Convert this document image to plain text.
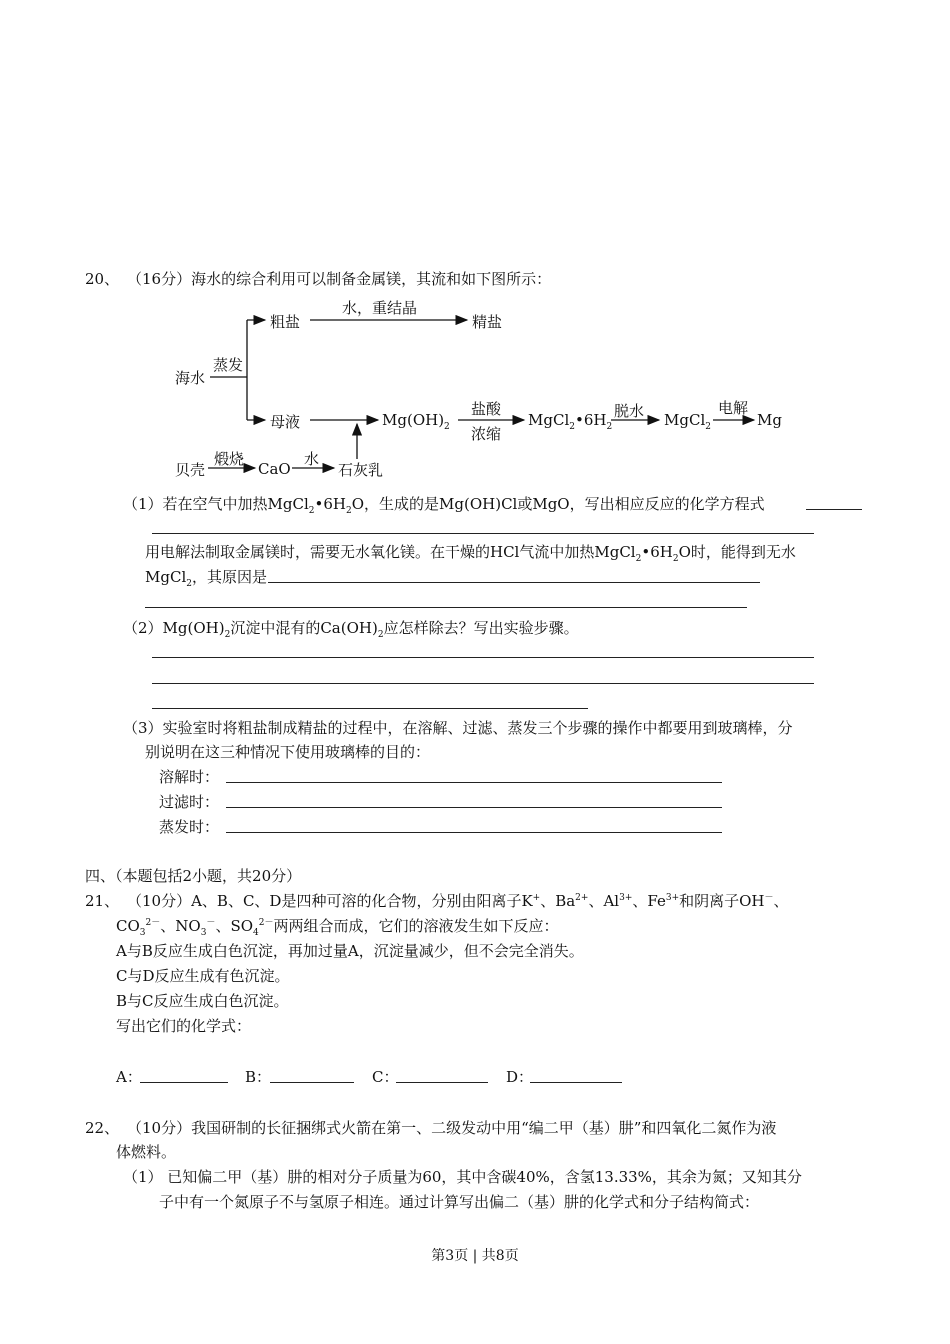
20、 （16分）海水的综合利用可以制备金属镁，其流和如下图所示：
海水
蒸发
粗盐
水，重结晶
精盐
母液	$Mg(OH)_2$
盐酸
浓缩
$MgCl_2•6H_2$
脱水 MgCl$_2$
电解
Mg
贝壳
煅烧
CaO
水
石灰乳
（1）若在空气中加热$MgCl_2•6H_2O$，生成的是Mg(OH)Cl或MgO，写出相应反应的化学方程式
用电解法制取金属镁时，需要无水氧化镁。在干燥的HCl气流中加热$MgCl_2•6H_2O$时，能得到无水
MgCl$_2$，其原因是
$(2)Mg(OH)_2$沉淀中混有的$Ca(OH)_2$应怎样除去？写出实验步骤。
（3）实验室时将粗盐制成精盐的过程中，在溶解、过滤、蒸发三个步骤的操作中都要用到玻璃棒，分
别说明在这三种情况下使用玻璃棒的目的：
溶解时：
过滤时：
蒸发时：
四、（本题包括2小题，共20分）
21、 （10分）A、B、C、D是四种可溶的化合物，分别由阳离子K+、$Ba^{2+}$、$Al^{3+}$、$Fe^{3+}$和阴离子OH－、
$CO_3^{2-}$、$NO_3^-$、$SO_4^{2-}$两两组合而成，它们的溶液发生如下反应：
A与B反应生成白色沉淀，再加过量A，沉淀量减少，但不会完全消失。
C与D反应生成有色沉淀。
B与C反应生成白色沉淀。
写出它们的化学式：
A：	B：	C：	D：
22、 （10分）我国研制的长征捆绑式火箭在第一、二级发动中用“编二甲（基）肼”和四氧化二氮作为液
体燃料。
（1） 已知偏二甲（基）肼的相对分子质量为60，其中含碳40%，含氢13.33%，其余为氮；又知其分
子中有一个氮原子不与氢原子相连。通过计算写出偏二（基）肼的化学式和分子结构简式：
第3页 | 共8页
